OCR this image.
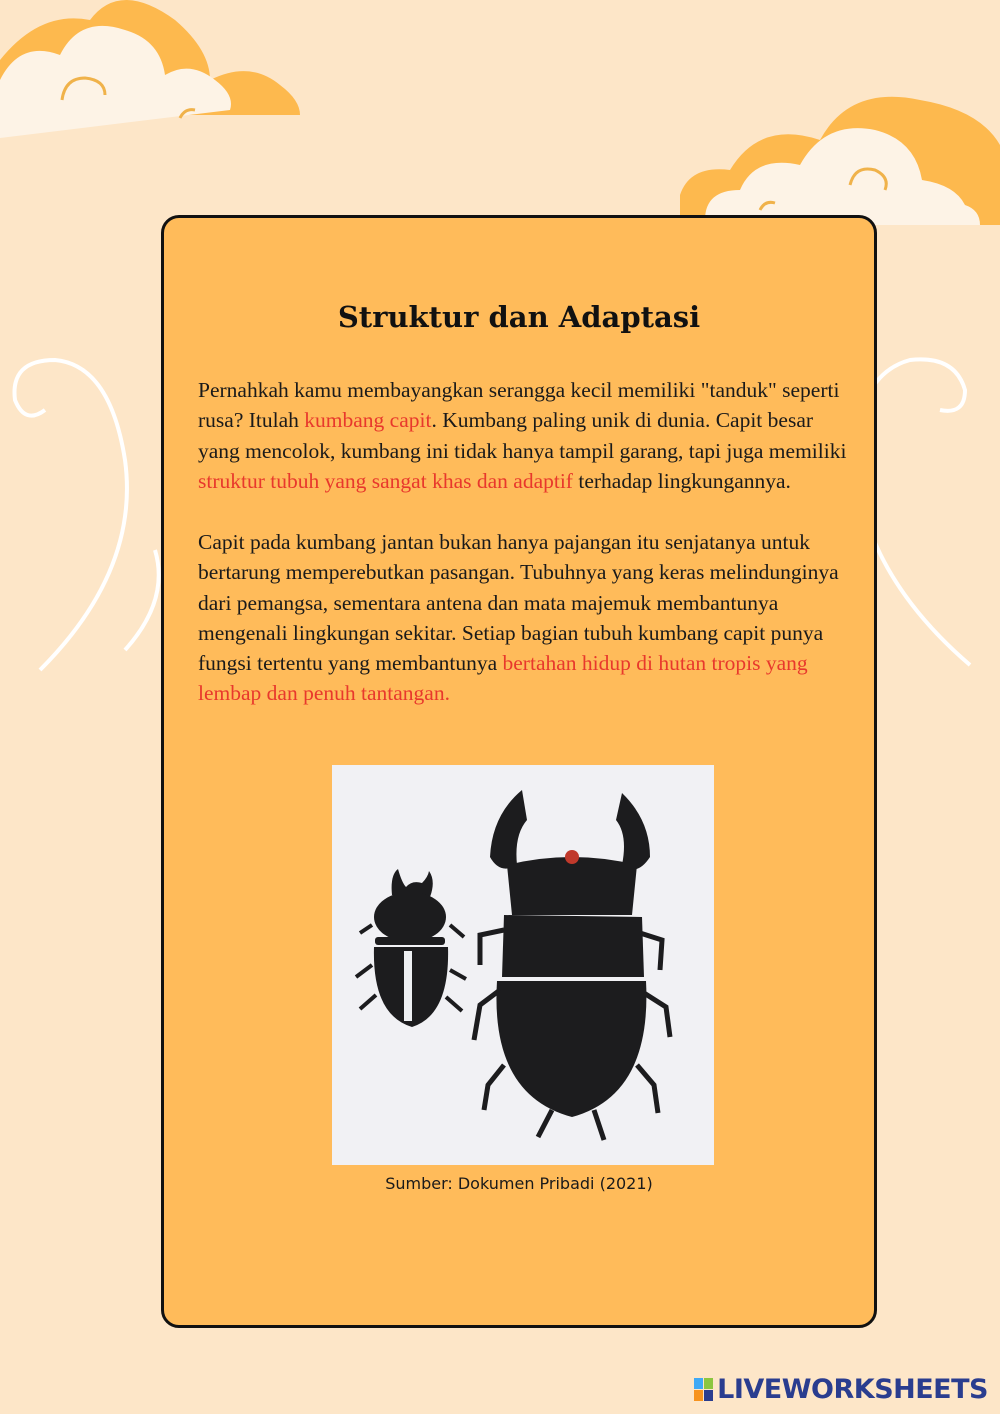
Struktur dan Adaptasi

Pernahkah kamu membayangkan serangga kecil memiliki "tanduk" seperti rusa? Itulah kumbang capit. Kumbang paling unik di dunia. Capit besar yang mencolok, kumbang ini tidak hanya tampil garang, tapi juga memiliki struktur tubuh yang sangat khas dan adaptif terhadap lingkungannya.

Capit pada kumbang jantan bukan hanya pajangan itu senjatanya untuk bertarung memperebutkan pasangan. Tubuhnya yang keras melindunginya dari pemangsa, sementara antena dan mata majemuk membantunya mengenali lingkungan sekitar. Setiap bagian tubuh kumbang capit punya fungsi tertentu yang membantunya bertahan hidup di hutan tropis yang lembap dan penuh tantangan.

Sumber: Dokumen Pribadi (2021)
LIVEWORKSHEETS
